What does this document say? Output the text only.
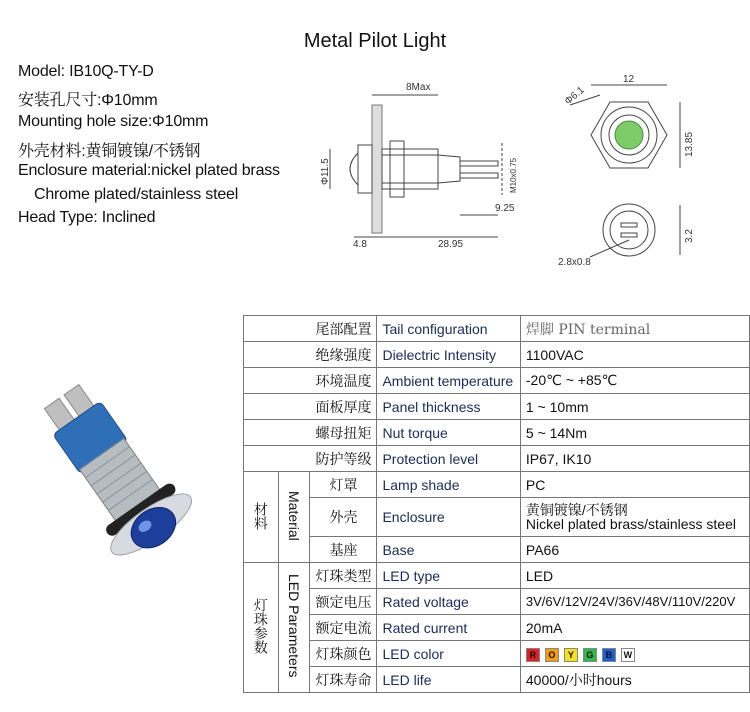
Metal Pilot Light
Model: IB10Q-TY-D
安装孔尺寸:Φ10mm
Mounting hole size:Φ10mm
外壳材料:黄铜镀镍/不锈钢
Enclosure material:nickel plated brass
Chrome plated/stainless steel
Head Type: Inclined
8Max
Φ11.5	M10x0.75
4.8	28.95
9.25
12
Φ6.1
13.85
3.2
2.8x0.8
尾部配置			Tail configuration	焊脚 PIN terminal
绝缘强度			Dielectric Intensity	1100VAC
环境温度			Ambient temperature	-20℃ ~ +85℃
面板厚度			Panel thickness	1 ~ 10mm
螺母扭矩			Nut torque	5 ~ 14Nm
防护等级			Protection level	IP67, IK10
材料	Material	灯罩	Lamp shade	PC
		外壳	Enclosure	黄铜镀镍/不锈钢
Nickel plated brass/stainless steel

		基座	Base	PA66
灯珠参数	LED Parameters	灯珠类型	LED type	LED
		额定电压	Rated voltage	3V/6V/12V/24V/36V/48V/110V/220V
		额定电流	Rated current	20mA
		灯珠颜色	LED color	R O Y G B W
		灯珠寿命	LED life	40000/小时hours
